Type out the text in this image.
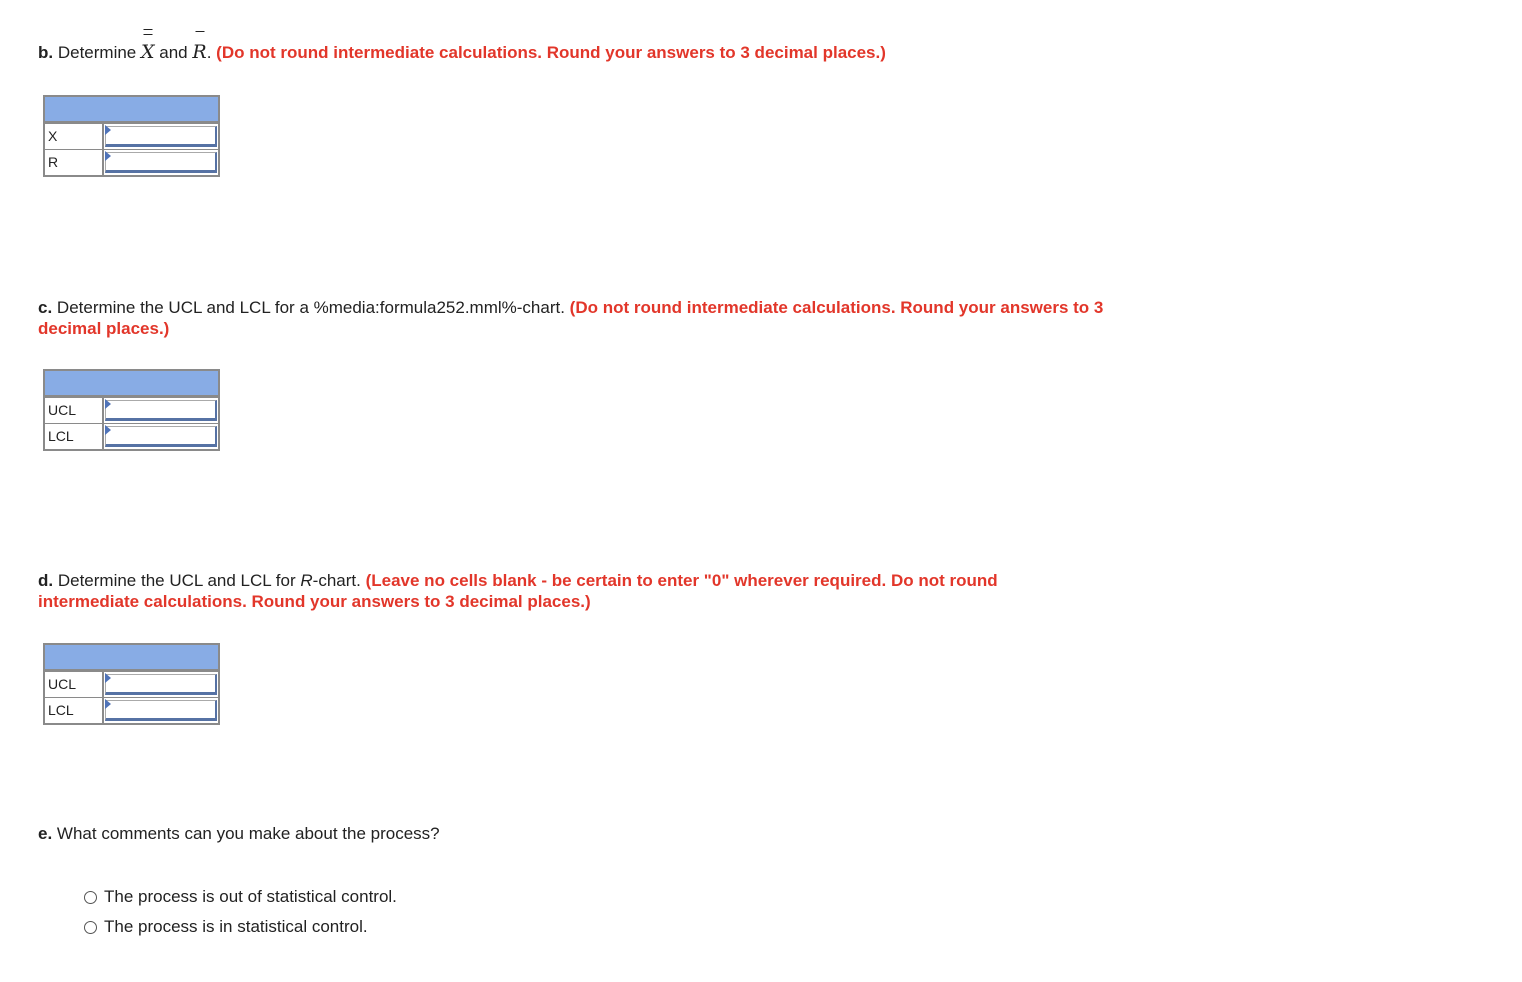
b. Determine X and R. (Do not round intermediate calculations. Round your answers to 3 decimal places.)

X
R

c. Determine the UCL and LCL for a %media:formula252.mml%-chart. (Do not round intermediate calculations. Round your answers to 3 decimal places.)

UCL
LCL

d. Determine the UCL and LCL for R-chart. (Leave no cells blank - be certain to enter "0" wherever required. Do not round intermediate calculations. Round your answers to 3 decimal places.)

UCL
LCL

e. What comments can you make about the process?

The process is out of statistical control.
The process is in statistical control.
